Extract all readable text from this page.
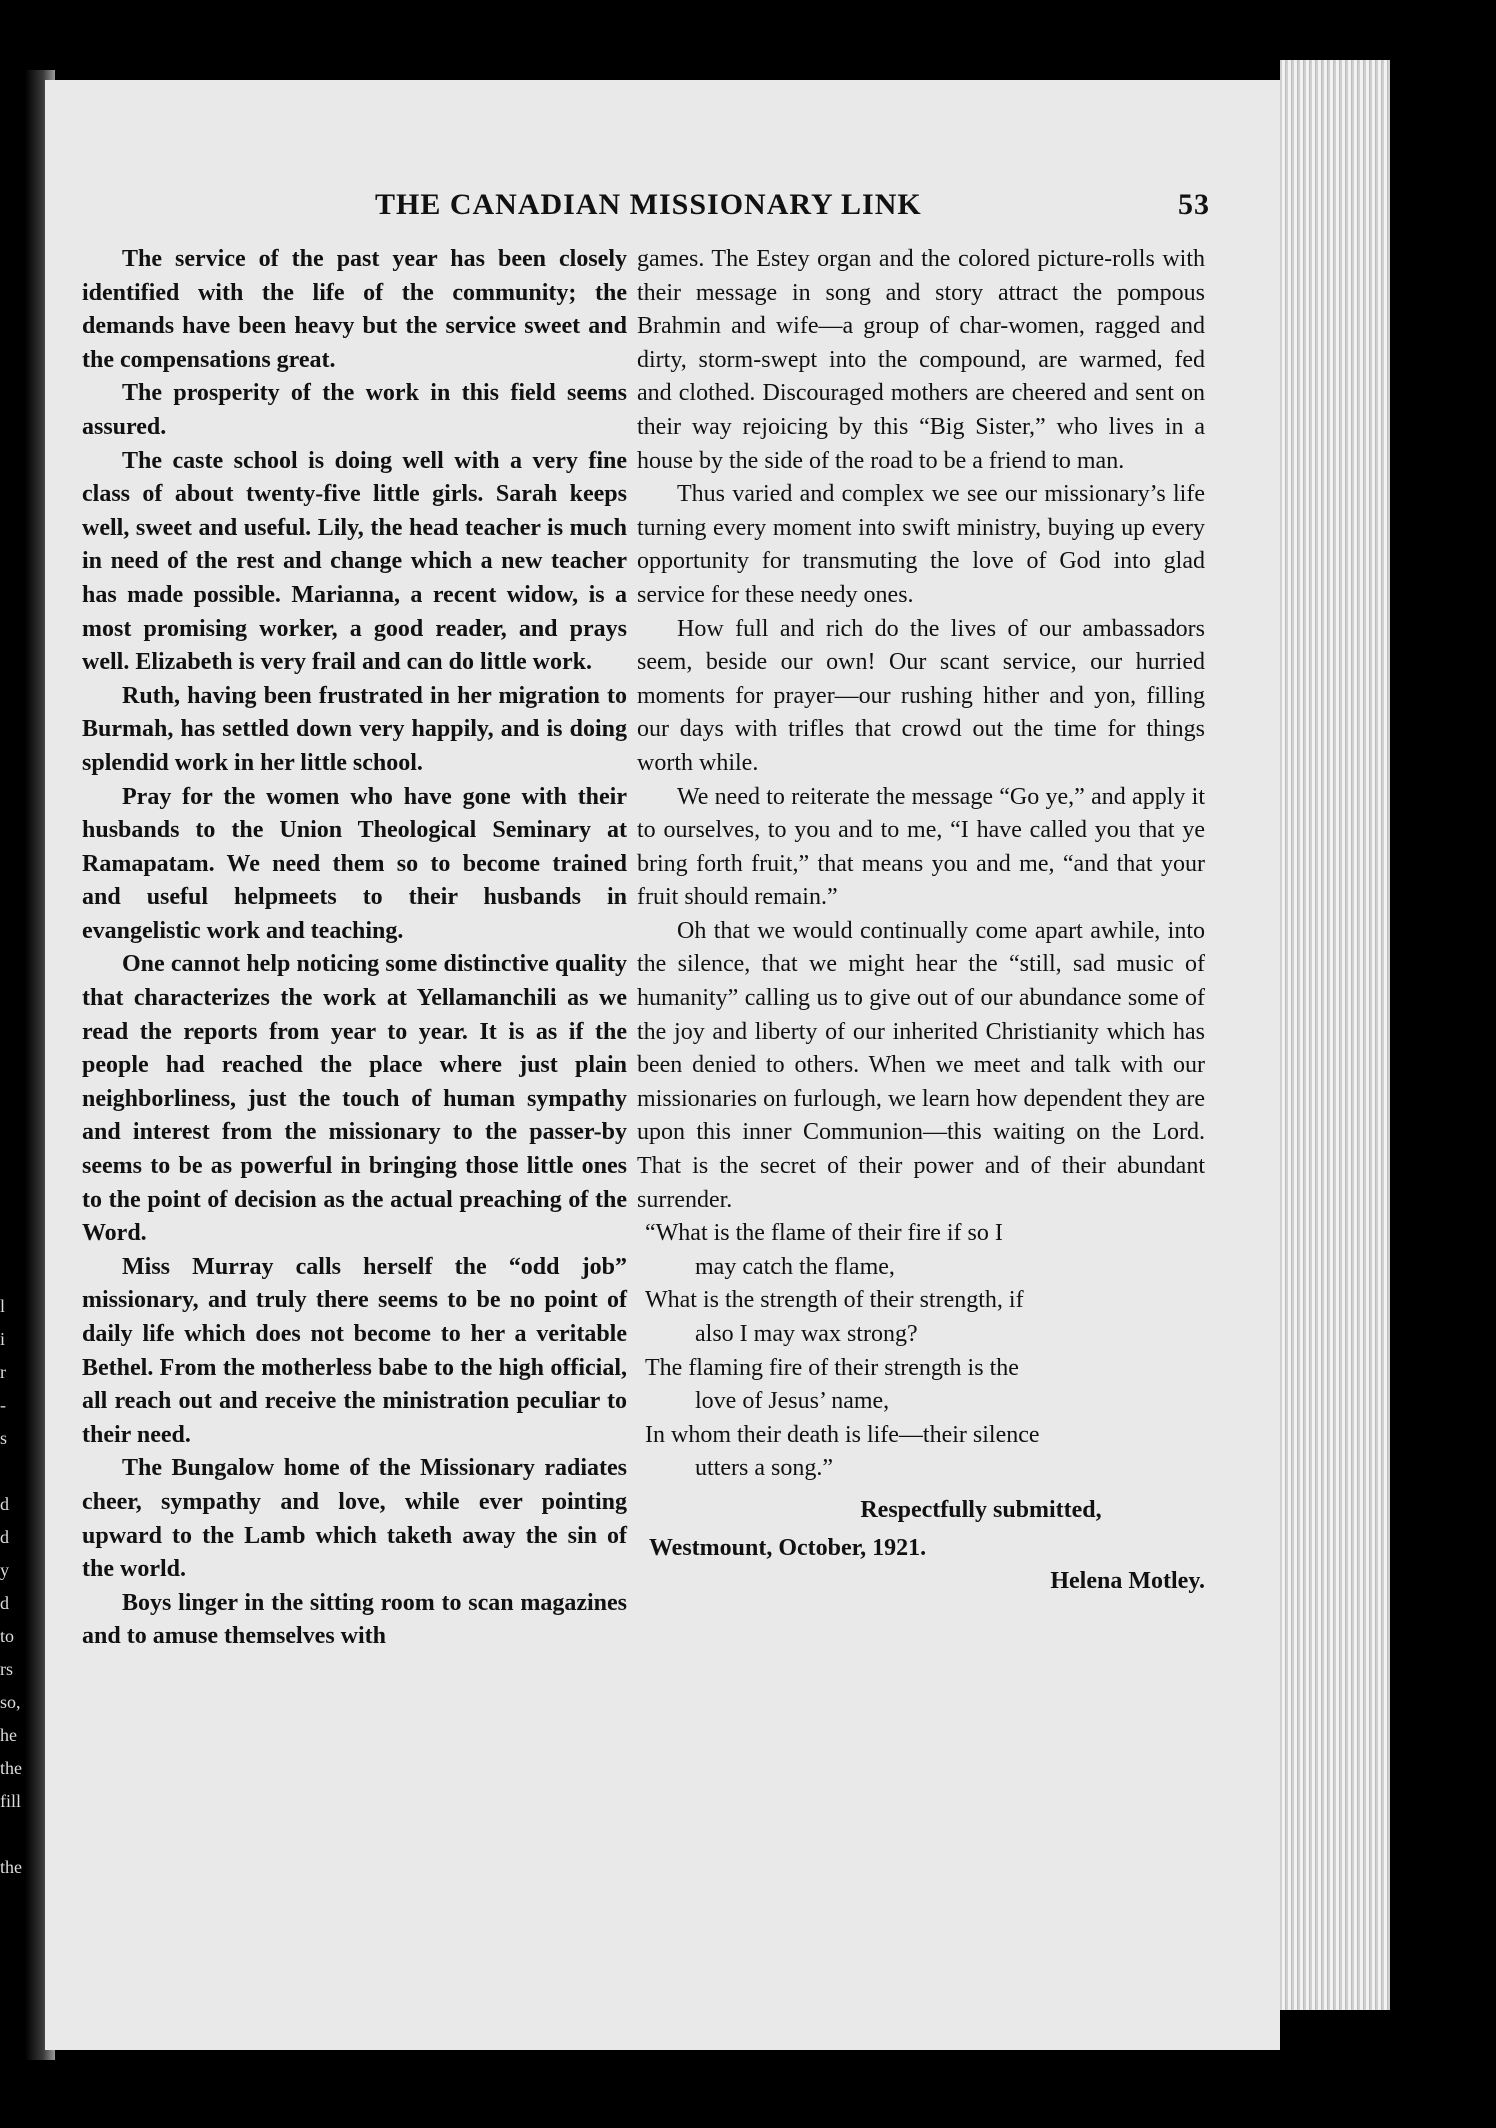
l
i
r
-
s
d
d
y
d
to
rs
so,
he
the
fill
the
THE CANADIAN MISSIONARY LINK	53

The service of the past year has been closely identified with the life of the community; the demands have been heavy but the service sweet and the compensations great.

The prosperity of the work in this field seems assured.

The caste school is doing well with a very fine class of about twenty-five little girls. Sarah keeps well, sweet and useful. Lily, the head teacher is much in need of the rest and change which a new teacher has made possible. Marianna, a recent widow, is a most promising worker, a good reader, and prays well. Elizabeth is very frail and can do little work.

Ruth, having been frustrated in her migration to Burmah, has settled down very happily, and is doing splendid work in her little school.

Pray for the women who have gone with their husbands to the Union Theological Seminary at Ramapatam. We need them so to become trained and useful helpmeets to their husbands in evangelistic work and teaching.

One cannot help noticing some distinctive quality that characterizes the work at Yellamanchili as we read the reports from year to year. It is as if the people had reached the place where just plain neighborliness, just the touch of human sympathy and interest from the missionary to the passer-by seems to be as powerful in bringing those little ones to the point of decision as the actual preaching of the Word.

Miss Murray calls herself the “odd job” missionary, and truly there seems to be no point of daily life which does not become to her a veritable Bethel. From the motherless babe to the high official, all reach out and receive the ministration peculiar to their need.

The Bungalow home of the Missionary radiates cheer, sympathy and love, while ever pointing upward to the Lamb which taketh away the sin of the world.

Boys linger in the sitting room to scan magazines and to amuse themselves with

games. The Estey organ and the colored picture-rolls with their message in song and story attract the pompous Brahmin and wife—a group of char-women, ragged and dirty, storm-swept into the compound, are warmed, fed and clothed. Discouraged mothers are cheered and sent on their way rejoicing by this “Big Sister,” who lives in a house by the side of the road to be a friend to man.

Thus varied and complex we see our missionary’s life turning every moment into swift ministry, buying up every opportunity for transmuting the love of God into glad service for these needy ones.

How full and rich do the lives of our ambassadors seem, beside our own! Our scant service, our hurried moments for prayer—our rushing hither and yon, filling our days with trifles that crowd out the time for things worth while.

We need to reiterate the message “Go ye,” and apply it to ourselves, to you and to me, “I have called you that ye bring forth fruit,” that means you and me, “and that your fruit should remain.”

Oh that we would continually come apart awhile, into the silence, that we might hear the “still, sad music of humanity” calling us to give out of our abundance some of the joy and liberty of our inherited Christianity which has been denied to others. When we meet and talk with our missionaries on furlough, we learn how dependent they are upon this inner Communion—this waiting on the Lord. That is the secret of their power and of their abundant surrender.

“What is the flame of their fire if so I
may catch the flame,
What is the strength of their strength, if
also I may wax strong?
The flaming fire of their strength is the
love of Jesus’ name,
In whom their death is life—their silence
utters a song.”
Respectfully submitted,
Westmount, October, 1921.
Helena Motley.
